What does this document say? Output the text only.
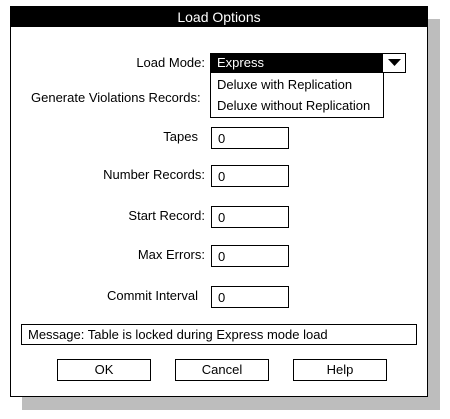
Load Options
Load Mode: Express
Deluxe with Replication
Deluxe without Replication
Generate Violations Records:
Tapes
0
Number Records:
0
Start Record:
0
Max Errors:
0
Commit Interval
0
Message: Table is locked during Express mode load
OK	Cancel	Help
